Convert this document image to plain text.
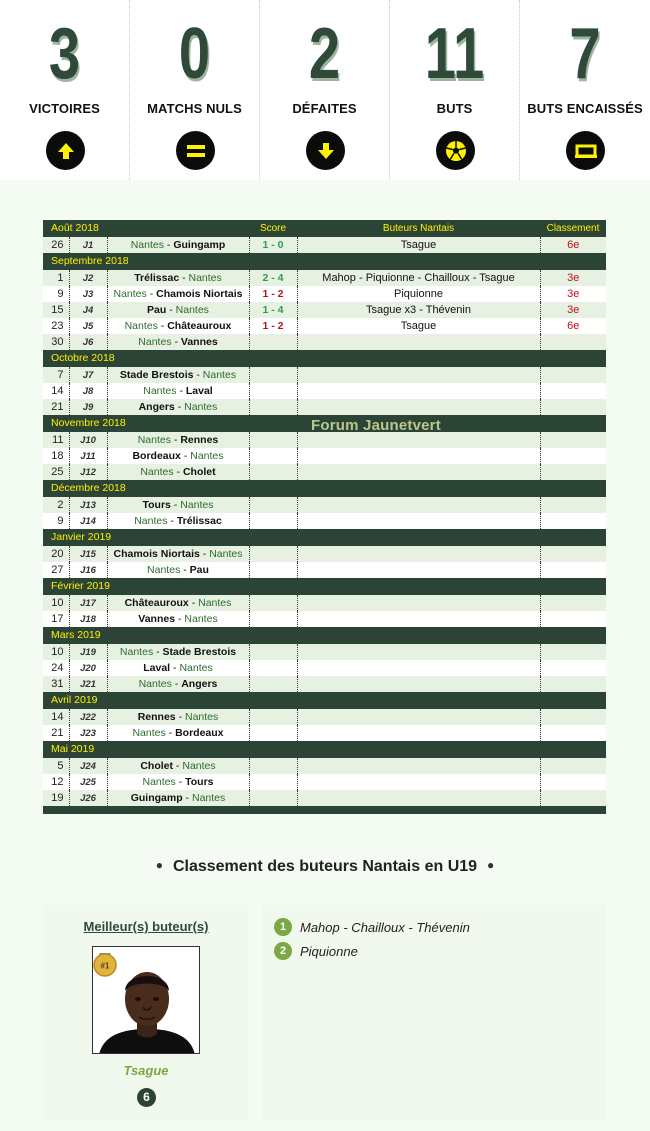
3
VICTOIRES
0
MATCHS NULS
2
DÉFAITES
11
BUTS
7
BUTS ENCAISSÉS
Août 2018			Score	Buteurs Nantais	Classement
26	J1	Nantes - Guingamp	1 - 0	Tsague	6e
Septembre 2018					
1	J2	Trélissac - Nantes	2 - 4	Mahop - Piquionne - Chailloux - Tsague	3e
9	J3	Nantes - Chamois Niortais	1 - 2	Piquionne	3e
15	J4	Pau - Nantes	1 - 4	Tsague x3 - Thévenin	3e
23	J5	Nantes - Châteauroux	1 - 2	Tsague	6e
30	J6	Nantes - Vannes			
Octobre 2018					
7	J7	Stade Brestois - Nantes			
14	J8	Nantes - Laval			
21	J9	Angers - Nantes			
Novembre 2018					
11	J10	Nantes - Rennes			
18	J11	Bordeaux - Nantes			
25	J12	Nantes - Cholet			
Décembre 2018					
2	J13	Tours - Nantes			
9	J14	Nantes - Trélissac			
Janvier 2019					
20	J15	Chamois Niortais - Nantes			
27	J16	Nantes - Pau			
Février 2019					
10	J17	Châteauroux - Nantes			
17	J18	Vannes - Nantes			
Mars 2019					
10	J19	Nantes - Stade Brestois			
24	J20	Laval - Nantes			
31	J21	Nantes - Angers			
Avril 2019					
14	J22	Rennes - Nantes			
21	J23	Nantes - Bordeaux			
Mai 2019					
5	J24	Cholet - Nantes			
12	J25	Nantes - Tours			
19	J26	Guingamp - Nantes			
Forum Jaunetvert
● Classement des buteurs Nantais en U19 ●
Meilleur(s) buteur(s)
#1
Tsague
6
1	Mahop - Chailloux - Thévenin
2	Piquionne
